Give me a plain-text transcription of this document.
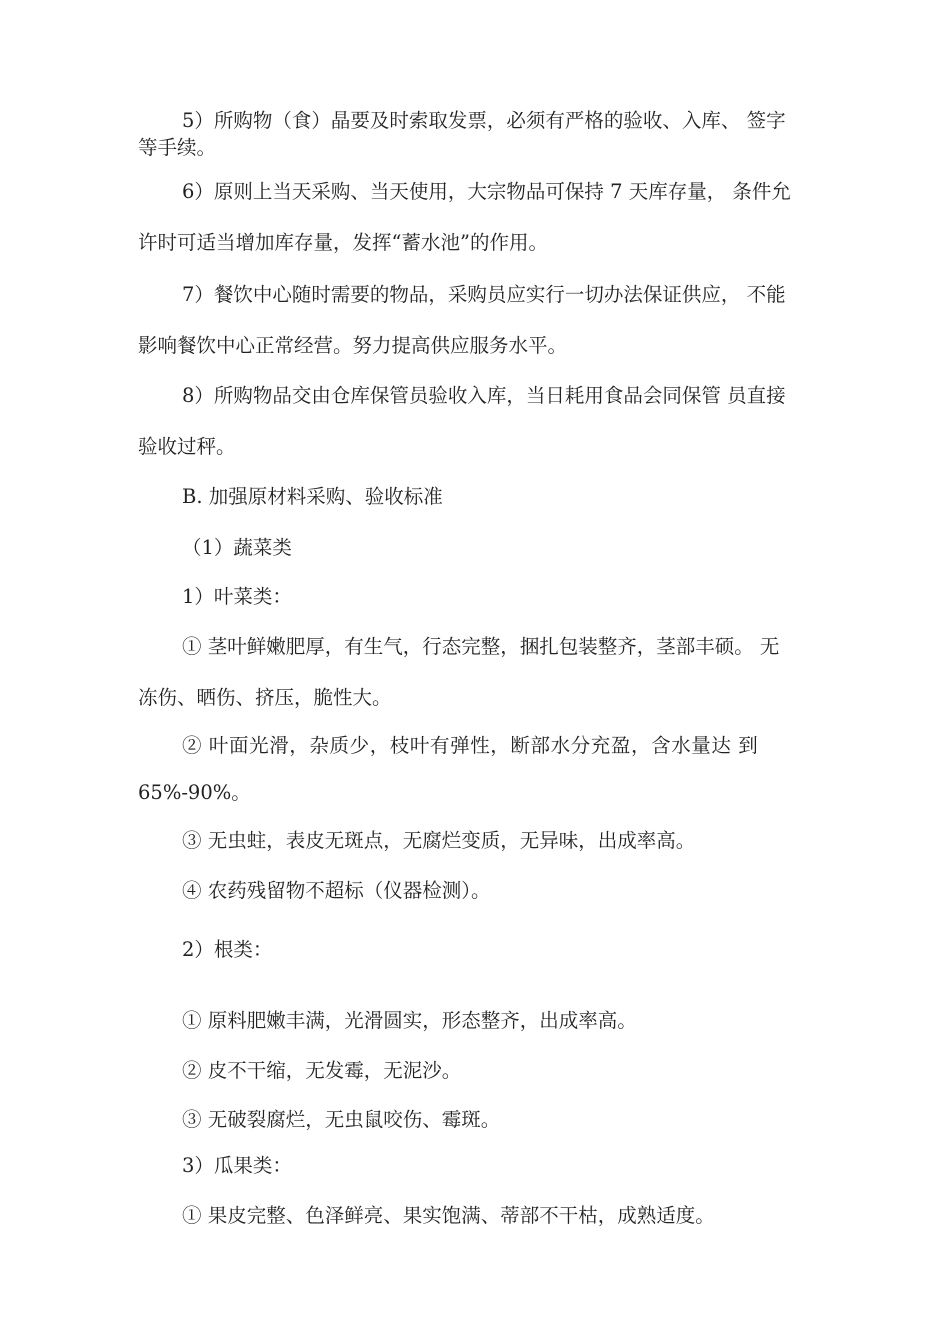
5）所购物（食）晶要及时索取发票，必须有严格的验收、入库、 签字
等手续。
6）原则上当天采购、当天使用，大宗物品可保持 7 天库存量， 条件允
许时可适当增加库存量，发挥“蓄水池”的作用。
7）餐饮中心随时需要的物品，采购员应实行一切办法保证供应， 不能
影响餐饮中心正常经营。努力提高供应服务水平。
8）所购物品交由仓库保管员验收入库，当日耗用食品会同保管 员直接
验收过秤。
B. 加强原材料采购、验收标准
（1）蔬菜类
1）叶菜类：
① 茎叶鲜嫩肥厚，有生气，行态完整，捆扎包装整齐，茎部丰硕。 无
冻伤、晒伤、挤压，脆性大。
② 叶面光滑，杂质少，枝叶有弹性，断部水分充盈，含水量达 到
65%-90%。
③ 无虫蛀，表皮无斑点，无腐烂变质，无异味，出成率高。
④ 农药残留物不超标（仪器检测）。
2）根类：
① 原料肥嫩丰满，光滑圆实，形态整齐，出成率高。
② 皮不干缩，无发霉，无泥沙。
③ 无破裂腐烂，无虫鼠咬伤、霉斑。
3）瓜果类：
① 果皮完整、色泽鲜亮、果实饱满、蒂部不干枯，成熟适度。
